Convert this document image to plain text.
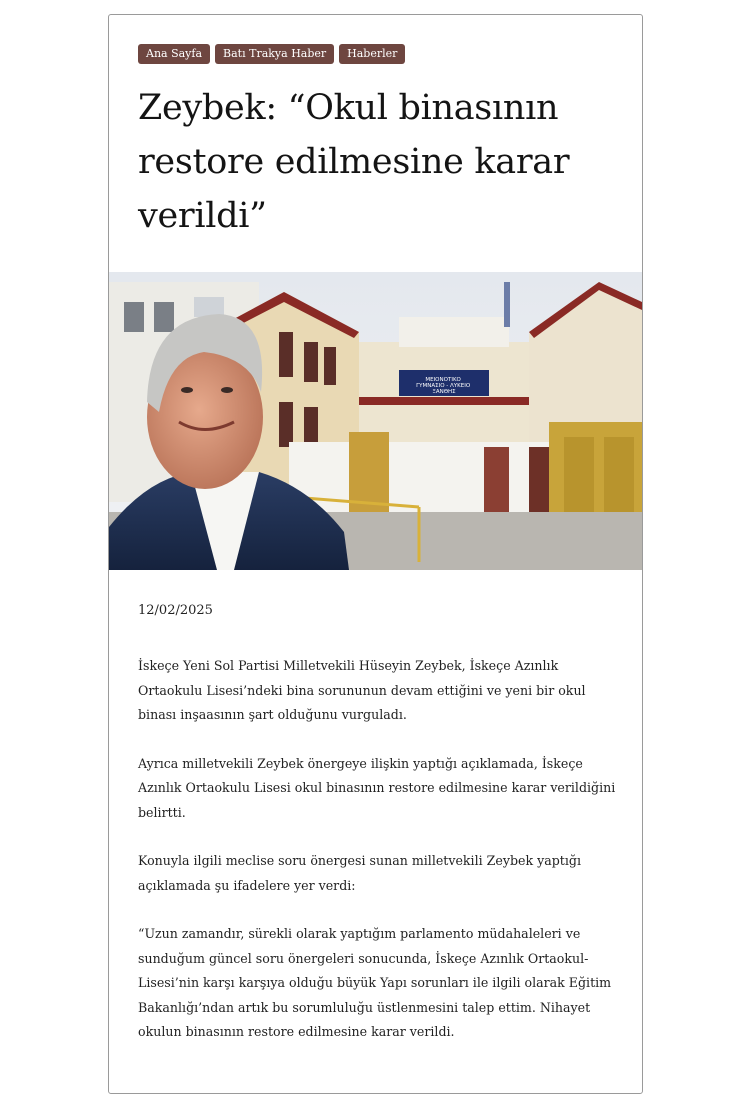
Ana Sayfa	Batı Trakya Haber	Haberler
Zeybek: “Okul binasının restore edilmesine karar verildi”
ΜΕΙΟΝΟΤΙΚΟ ΓΥΜΝΑΣΙΟ - ΛΥΚΕΙΟ ΞΑΝΘΗΣ
12/02/2025

İskeçe Yeni Sol Partisi Milletvekili Hüseyin Zeybek, İskeçe Azınlık Ortaokulu Lisesi’ndeki bina sorununun devam ettiğini ve yeni bir okul binası inşaasının şart olduğunu vurguladı.

Ayrıca milletvekili Zeybek önergeye ilişkin yaptığı açıklamada, İskeçe Azınlık Ortaokulu Lisesi okul binasının restore edilmesine karar verildiğini belirtti.

Konuyla ilgili meclise soru önergesi sunan milletvekili Zeybek yaptığı açıklamada şu ifadelere yer verdi:

“Uzun zamandır, sürekli olarak yaptığım parlamento müdahaleleri ve sunduğum güncel soru önergeleri sonucunda, İskeçe Azınlık Ortaokul-Lisesi’nin karşı karşıya olduğu büyük Yapı sorunları ile ilgili olarak Eğitim Bakanlığı’ndan artık bu sorumluluğu üstlenmesini talep ettim. Nihayet okulun binasının restore edilmesine karar verildi.
